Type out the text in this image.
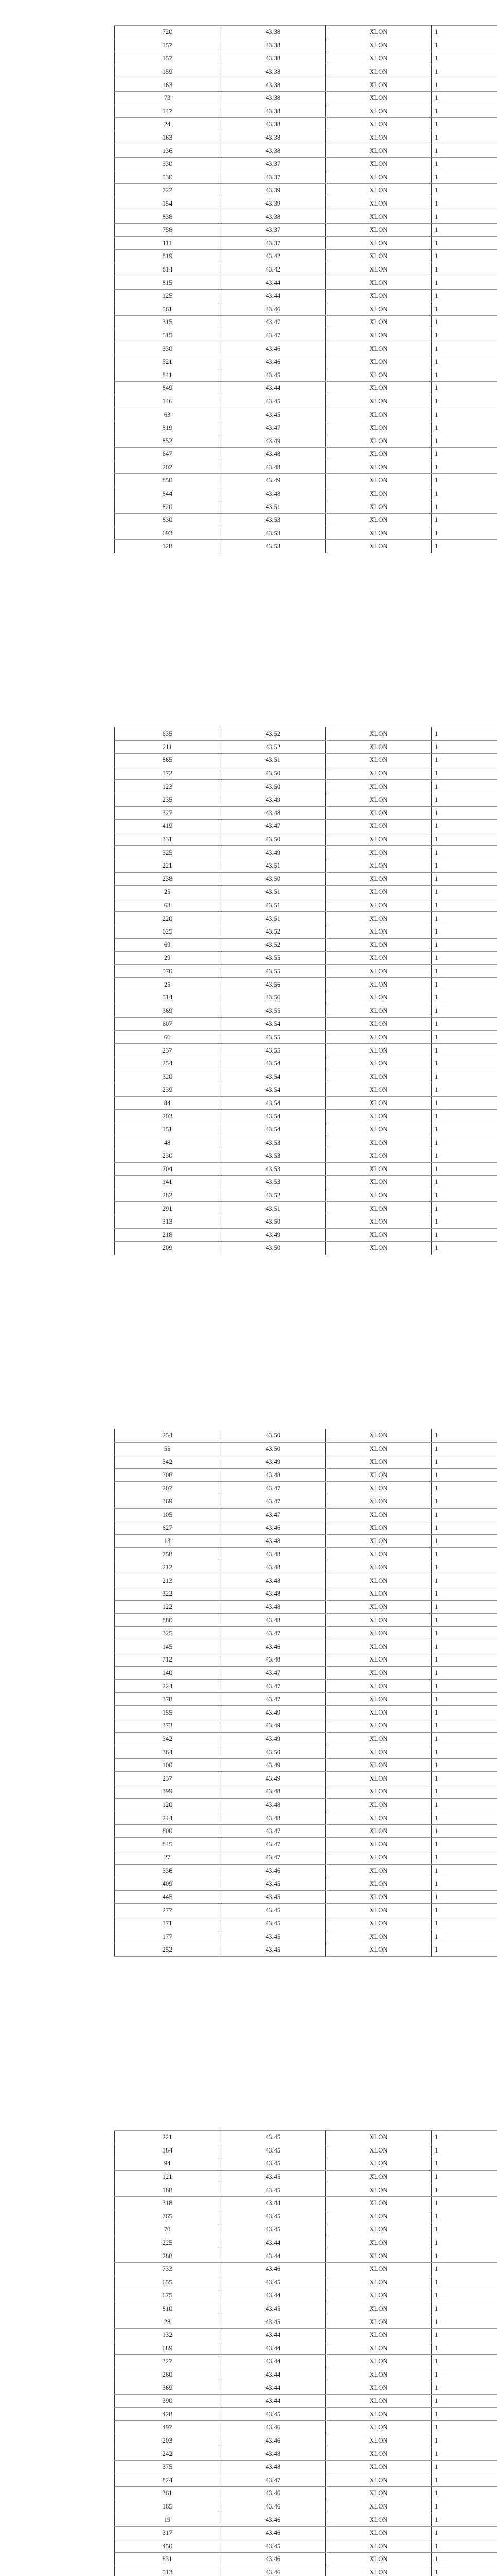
720	43.38	XLON	1
157	43.38	XLON	1
157	43.38	XLON	1
159	43.38	XLON	1
163	43.38	XLON	1
73	43.38	XLON	1
147	43.38	XLON	1
24	43.38	XLON	1
163	43.38	XLON	1
136	43.38	XLON	1
330	43.37	XLON	1
530	43.37	XLON	1
722	43.39	XLON	1
154	43.39	XLON	1
838	43.38	XLON	1
758	43.37	XLON	1
111	43.37	XLON	1
819	43.42	XLON	1
814	43.42	XLON	1
815	43.44	XLON	1
125	43.44	XLON	1
561	43.46	XLON	1
315	43.47	XLON	1
515	43.47	XLON	1
330	43.46	XLON	1
521	43.46	XLON	1
841	43.45	XLON	1
849	43.44	XLON	1
146	43.45	XLON	1
63	43.45	XLON	1
819	43.47	XLON	1
852	43.49	XLON	1
647	43.48	XLON	1
202	43.48	XLON	1
850	43.49	XLON	1
844	43.48	XLON	1
820	43.51	XLON	1
830	43.53	XLON	1
693	43.53	XLON	1
128	43.53	XLON	1
635	43.52	XLON	1
211	43.52	XLON	1
865	43.51	XLON	1
172	43.50	XLON	1
123	43.50	XLON	1
235	43.49	XLON	1
327	43.48	XLON	1
419	43.47	XLON	1
331	43.50	XLON	1
325	43.49	XLON	1
221	43.51	XLON	1
238	43.50	XLON	1
25	43.51	XLON	1
63	43.51	XLON	1
220	43.51	XLON	1
625	43.52	XLON	1
69	43.52	XLON	1
29	43.55	XLON	1
570	43.55	XLON	1
25	43.56	XLON	1
514	43.56	XLON	1
369	43.55	XLON	1
607	43.54	XLON	1
66	43.55	XLON	1
237	43.55	XLON	1
254	43.54	XLON	1
320	43.54	XLON	1
239	43.54	XLON	1
84	43.54	XLON	1
203	43.54	XLON	1
151	43.54	XLON	1
48	43.53	XLON	1
230	43.53	XLON	1
204	43.53	XLON	1
141	43.53	XLON	1
282	43.52	XLON	1
291	43.51	XLON	1
313	43.50	XLON	1
218	43.49	XLON	1
209	43.50	XLON	1
254	43.50	XLON	1
55	43.50	XLON	1
542	43.49	XLON	1
308	43.48	XLON	1
207	43.47	XLON	1
369	43.47	XLON	1
105	43.47	XLON	1
627	43.46	XLON	1
13	43.48	XLON	1
758	43.48	XLON	1
212	43.48	XLON	1
213	43.48	XLON	1
322	43.48	XLON	1
122	43.48	XLON	1
880	43.48	XLON	1
325	43.47	XLON	1
145	43.46	XLON	1
712	43.48	XLON	1
140	43.47	XLON	1
224	43.47	XLON	1
378	43.47	XLON	1
155	43.49	XLON	1
373	43.49	XLON	1
342	43.49	XLON	1
364	43.50	XLON	1
100	43.49	XLON	1
237	43.49	XLON	1
399	43.48	XLON	1
120	43.48	XLON	1
244	43.48	XLON	1
800	43.47	XLON	1
845	43.47	XLON	1
27	43.47	XLON	1
536	43.46	XLON	1
409	43.45	XLON	1
445	43.45	XLON	1
277	43.45	XLON	1
171	43.45	XLON	1
177	43.45	XLON	1
252	43.45	XLON	1
221	43.45	XLON	1
184	43.45	XLON	1
94	43.45	XLON	1
121	43.45	XLON	1
188	43.45	XLON	1
318	43.44	XLON	1
765	43.45	XLON	1
70	43.45	XLON	1
225	43.44	XLON	1
288	43.44	XLON	1
733	43.46	XLON	1
655	43.45	XLON	1
675	43.44	XLON	1
810	43.45	XLON	1
28	43.45	XLON	1
132	43.44	XLON	1
689	43.44	XLON	1
327	43.44	XLON	1
260	43.44	XLON	1
369	43.44	XLON	1
390	43.44	XLON	1
428	43.45	XLON	1
497	43.46	XLON	1
203	43.46	XLON	1
242	43.48	XLON	1
375	43.48	XLON	1
824	43.47	XLON	1
361	43.46	XLON	1
165	43.46	XLON	1
19	43.46	XLON	1
317	43.46	XLON	1
450	43.45	XLON	1
831	43.46	XLON	1
513	43.46	XLON	1
